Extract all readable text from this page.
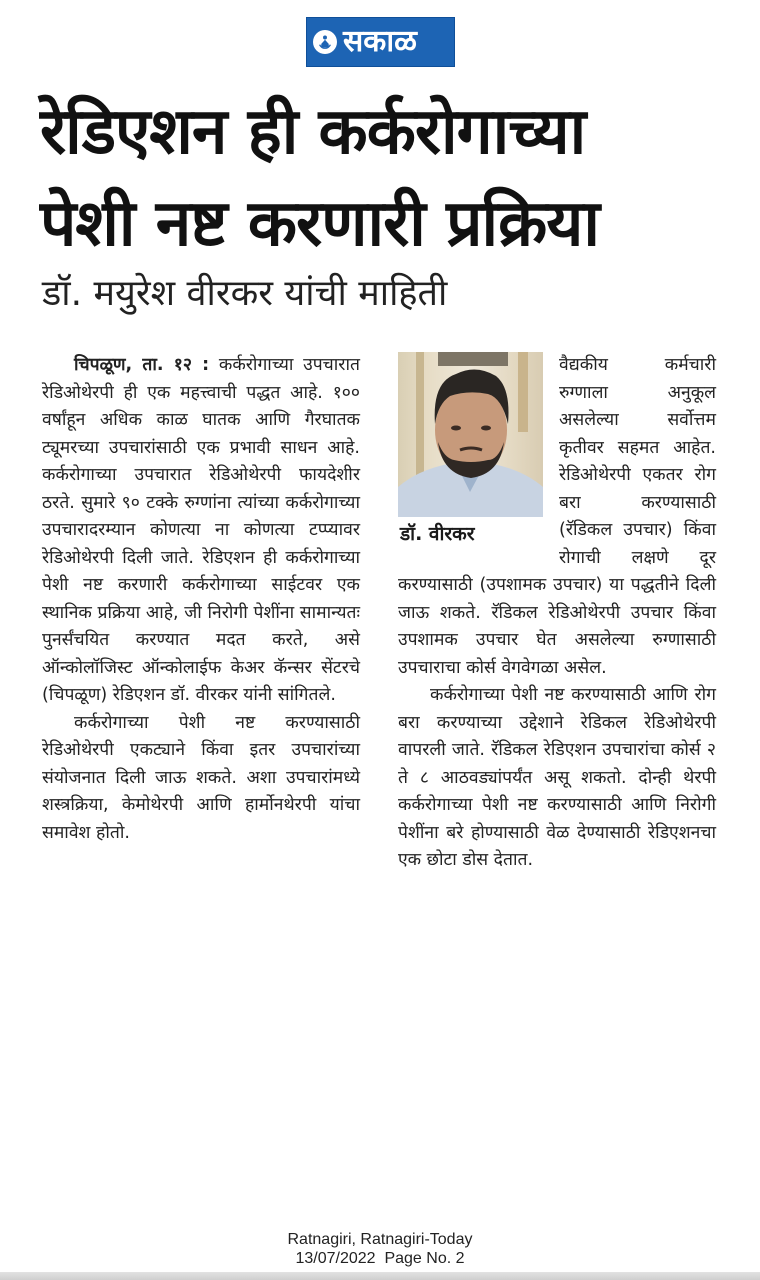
सकाळ
रेडिएशन ही कर्करोगाच्या
पेशी नष्ट करणारी प्रक्रिया
डॉ. मयुरेश वीरकर यांची माहिती

चिपळूण, ता. १२ : कर्करोगाच्या उपचारात रेडिओथेरपी ही एक महत्त्वाची पद्धत आहे. १०० वर्षांहून अधिक काळ घातक आणि गैरघातक ट्यूमरच्या उपचारांसाठी एक प्रभावी साधन आहे. कर्करोगाच्या उपचारात रेडिओथेरपी फायदेशीर ठरते. सुमारे ९० टक्के रुग्णांना त्यांच्या कर्करोगाच्या उपचारादरम्यान कोणत्या ना कोणत्या टप्प्यावर रेडिओथेरपी दिली जाते. रेडिएशन ही कर्करोगाच्या पेशी नष्ट करणारी कर्करोगाच्या साईटवर एक स्थानिक प्रक्रिया आहे, जी निरोगी पेशींना सामान्यतः पुनर्संचयित करण्यात मदत करते, असे ऑन्कोलॉजिस्ट ऑन्कोलाईफ केअर कॅन्सर सेंटरचे (चिपळूण) रेडिएशन डॉ. वीरकर यांनी सांगितले.

कर्करोगाच्या पेशी नष्ट करण्यासाठी रेडिओथेरपी एकट्याने किंवा इतर उपचारांच्या संयोजनात दिली जाऊ शकते. अशा उपचारांमध्ये शस्त्रक्रिया, केमोथेरपी आणि हार्मोनथेरपी यांचा समावेश होतो.

डॉ. वीरकर

वैद्यकीय कर्मचारी रुग्णाला अनुकूल असलेल्या सर्वोत्तम कृतीवर सहमत आहेत. रेडिओथेरपी एकतर रोग बरा करण्यासाठी (रॅडिकल उपचार) किंवा रोगाची लक्षणे दूर करण्यासाठी (उपशामक उपचार) या पद्धतीने दिली जाऊ शकते. रॅडिकल रेडिओथेरपी उपचार किंवा उपशामक उपचार घेत असलेल्या रुग्णासाठी उपचाराचा कोर्स वेगवेगळा असेल.

कर्करोगाच्या पेशी नष्ट करण्यासाठी आणि रोग बरा करण्याच्या उद्देशाने रेडिकल रेडिओथेरपी वापरली जाते. रॅडिकल रेडिएशन उपचारांचा कोर्स २ ते ८ आठवड्यांपर्यंत असू शकतो. दोन्ही थेरपी कर्करोगाच्या पेशी नष्ट करण्यासाठी आणि निरोगी पेशींना बरे होण्यासाठी वेळ देण्यासाठी रेडिएशनचा एक छोटा डोस देतात.

Ratnagiri, Ratnagiri-Today
13/07/2022  Page No. 2
